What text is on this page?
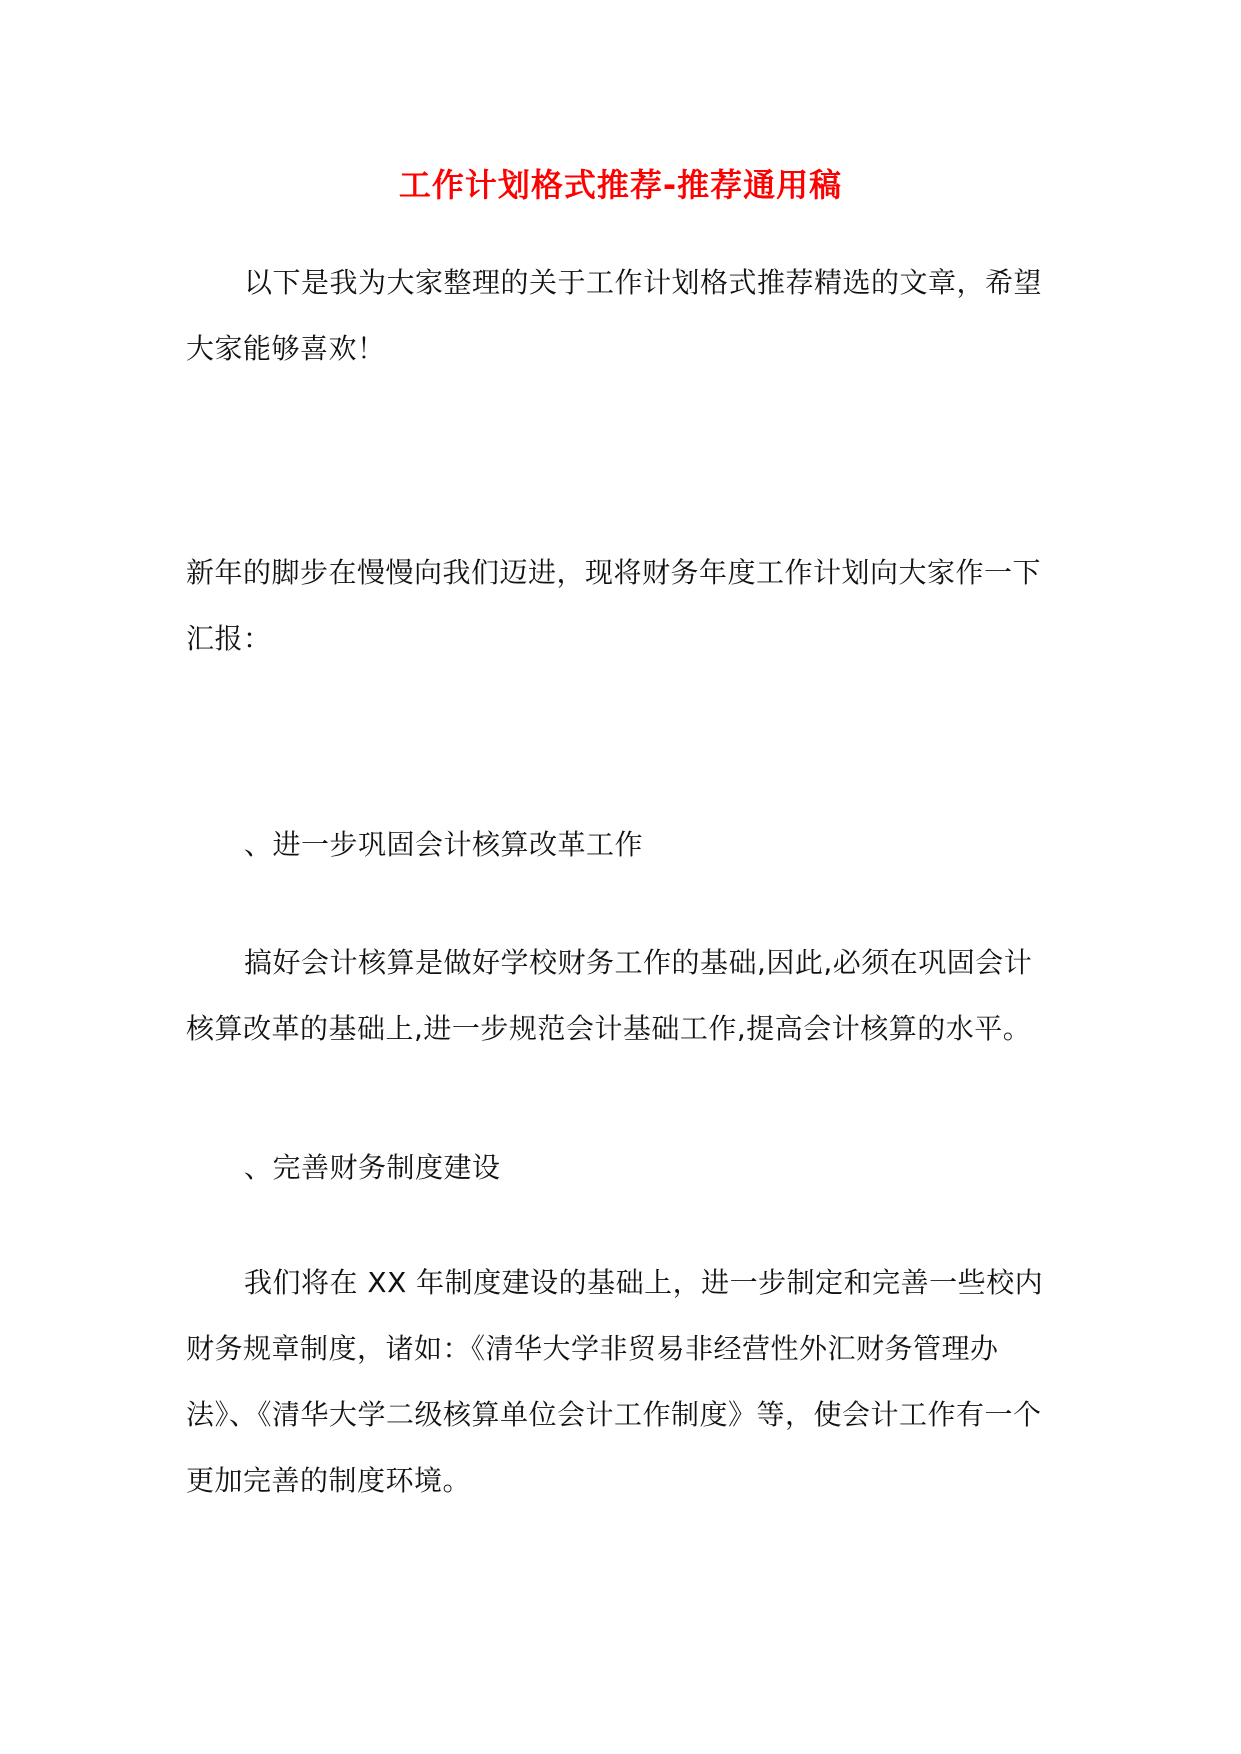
工作计划格式推荐-推荐通用稿

以下是我为大家整理的关于工作计划格式推荐精选的文章，希望
大家能够喜欢！

新年的脚步在慢慢向我们迈进，现将财务年度工作计划向大家作一下
汇报：

、进一步巩固会计核算改革工作

搞好会计核算是做好学校财务工作的基础,因此,必须在巩固会计
核算改革的基础上,进一步规范会计基础工作,提高会计核算的水平。

、完善财务制度建设

我们将在 XX 年制度建设的基础上，进一步制定和完善一些校内
财务规章制度，诸如：《清华大学非贸易非经营性外汇财务管理办
法》、《清华大学二级核算单位会计工作制度》等，使会计工作有一个
更加完善的制度环境。
